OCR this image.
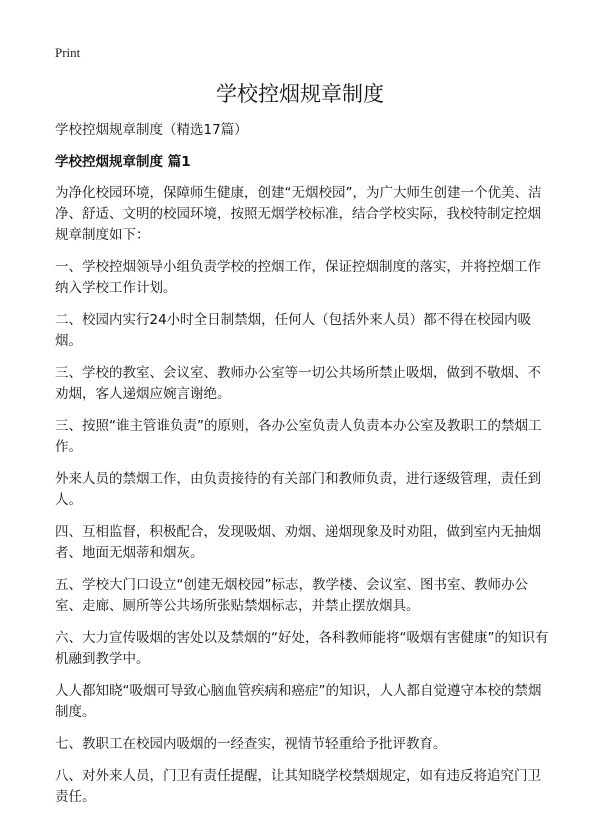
Print
学校控烟规章制度

学校控烟规章制度（精选17篇）

学校控烟规章制度 篇1

为净化校园环境，保障师生健康，创建“无烟校园”，为广大师生创建一个优美、洁净、舒适、文明的校园环境，按照无烟学校标准，结合学校实际，我校特制定控烟规章制度如下：

一、学校控烟领导小组负责学校的控烟工作，保证控烟制度的落实，并将控烟工作纳入学校工作计划。

二、校园内实行24小时全日制禁烟，任何人（包括外来人员）都不得在校园内吸烟。

三、学校的教室、会议室、教师办公室等一切公共场所禁止吸烟，做到不敬烟、不劝烟，客人递烟应婉言谢绝。

三、按照“谁主管谁负责”的原则，各办公室负责人负责本办公室及教职工的禁烟工作。

外来人员的禁烟工作，由负责接待的有关部门和教师负责，进行逐级管理，责任到人。

四、互相监督，积极配合，发现吸烟、劝烟、递烟现象及时劝阻，做到室内无抽烟者、地面无烟蒂和烟灰。

五、学校大门口设立“创建无烟校园”标志，教学楼、会议室、图书室、教师办公室、走廊、厕所等公共场所张贴禁烟标志，并禁止摆放烟具。

六、大力宣传吸烟的害处以及禁烟的“好处，各科教师能将“吸烟有害健康”的知识有机融到教学中。

人人都知晓“吸烟可导致心脑血管疾病和癌症”的知识，人人都自觉遵守本校的禁烟制度。

七、教职工在校园内吸烟的一经查实，视情节轻重给予批评教育。

八、对外来人员，门卫有责任提醒，让其知晓学校禁烟规定，如有违反将追究门卫责任。
